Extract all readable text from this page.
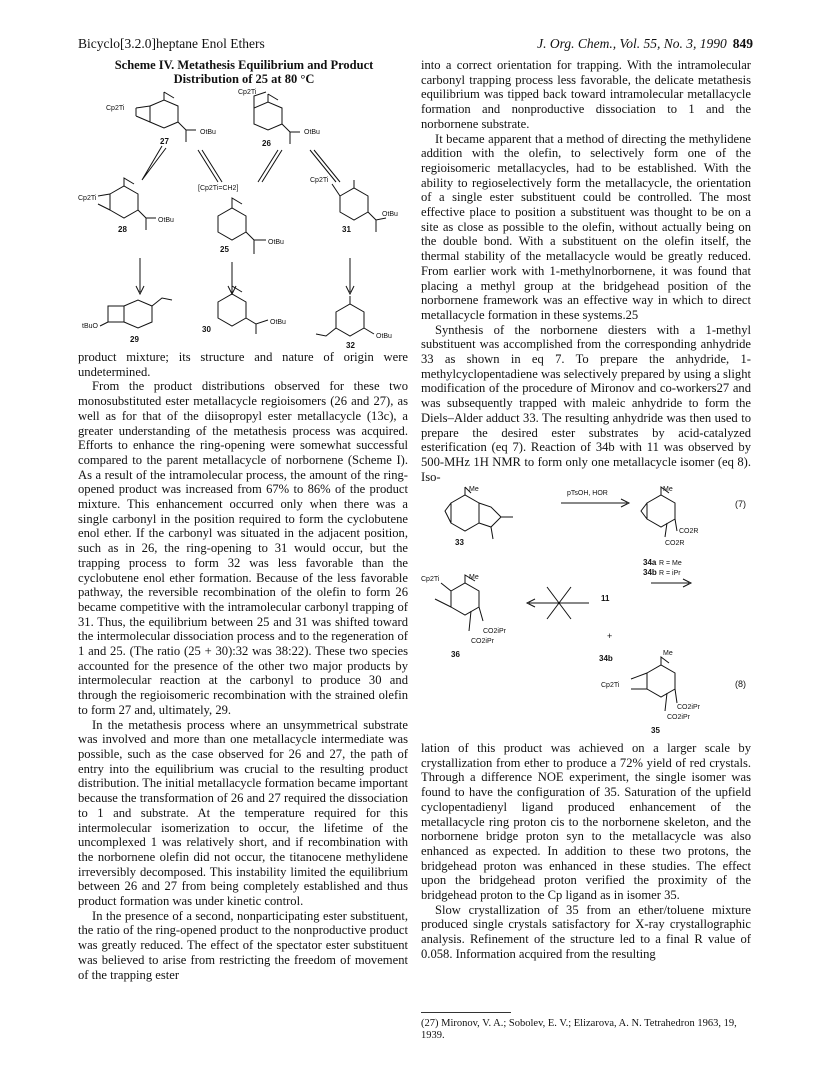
Bicyclo[3.2.0]heptane Enol Ethers	J. Org. Chem., Vol. 55, No. 3, 1990 849
Scheme IV. Metathesis Equilibrium and Product
Distribution of 25 at 80 °C
Cp2Ti
OtBu
Cp2Ti
OtBu
[Cp2Ti=CH2]
Cp2Ti
OtBu
OtBu
Cp2Ti
OtBu
tBuO
OtBu
OtBu
27	26
28
25
31
29
30
32

product mixture; its structure and nature of origin were undetermined.

From the product distributions observed for these two monosubstituted ester metallacycle regioisomers (26 and 27), as well as for that of the diisopropyl ester metallacycle (13c), a greater understanding of the metathesis process was acquired. Efforts to enhance the ring-opening were somewhat successful compared to the parent metallacycle of norbornene (Scheme I). As a result of the intramolecular process, the amount of the ring-opened product was increased from 67% to 86% of the product mixture. This enhancement occurred only when there was a single carbonyl in the position required to form the cyclobutene enol ether. If the carbonyl was situated in the adjacent position, such as in 26, the ring-opening to 31 would occur, but the trapping process to form 32 was less favorable than the cyclobutene enol ether formation. Because of the less favorable pathway, the reversible recombination of the olefin to form 26 became competitive with the intramolecular carbonyl trapping of 31. Thus, the equilibrium between 25 and 31 was shifted toward the intermolecular dissociation process and to the regeneration of 1 and 25. (The ratio (25 + 30):32 was 38:22). These two species accounted for the presence of the other two major products by intermolecular reaction at the carbonyl to produce 30 and through the regioisomeric recombination with the strained olefin to form 27 and, ultimately, 29.

In the metathesis process where an unsymmetrical substrate was involved and more than one metallacycle intermediate was possible, such as the case observed for 26 and 27, the path of entry into the equilibrium was crucial to the resulting product distribution. The initial metallacycle formation became important because the transformation of 26 and 27 required the dissociation to 1 and substrate. At the temperature required for this intermolecular isomerization to occur, the lifetime of the uncomplexed 1 was relatively short, and if recombination with the norbornene olefin did not occur, the titanocene methylidene irreversibly decomposed. This instability limited the equilibrium between 26 and 27 from being completely established and thus product formation was under kinetic control.

In the presence of a second, nonparticipating ester substituent, the ratio of the ring-opened product to the nonproductive product was greatly reduced. The effect of the spectator ester substituent was believed to arise from restricting the freedom of movement of the trapping ester

into a correct orientation for trapping. With the intramolecular carbonyl trapping process less favorable, the delicate metathesis equilibrium was tipped back toward intramolecular metallacycle formation and nonproductive dissociation to 1 and the norbornene substrate.

It became apparent that a method of directing the methylidene addition with the olefin, to selectively form one of the regioisomeric metallacycles, had to be established. With the ability to regioselectively form the metallacycle, the orientation of a single ester substituent could be controlled. The most effective place to position a substituent was thought to be on a site as close as possible to the olefin, without actually being on the double bond. With a substituent on the olefin itself, the thermal stability of the metallacycle would be greatly reduced. From earlier work with 1-methylnorbornene, it was found that placing a methyl group at the bridgehead position of the norbornene framework was an effective way in which to direct metallacycle formation in these systems.25

Synthesis of the norbornene diesters with a 1-methyl substituent was accomplished from the corresponding anhydride 33 as shown in eq 7. To prepare the anhydride, 1-methylcyclopentadiene was selectively prepared by using a slight modification of the procedure of Mironov and co-workers27 and was subsequently trapped with maleic anhydride to form the Diels–Alder adduct 33. The resulting anhydride was then used to prepare the desired ester substrates by acid-catalyzed esterification (eq 7). Reaction of 34b with 11 was observed by 500-MHz 1H NMR to form only one metallacycle isomer (eq 8). Iso-

Me
pTsOH, HOR
Me
CO2R
CO2R
R = Me
R = iPr
Cp2Ti	Me
CO2iPr
CO2iPr
Cp2Ti
Me
CO2iPr
CO2iPr
(7)
(8)
+
33
34a
34b
11
34b
36
35

lation of this product was achieved on a larger scale by crystallization from ether to produce a 72% yield of red crystals. Through a difference NOE experiment, the single isomer was found to have the configuration of 35. Saturation of the upfield cyclopentadienyl ligand produced enhancement of the metallacycle ring proton cis to the norbornene skeleton, and the norbornene bridge proton syn to the metallacycle was also enhanced as expected. In addition to these two protons, the bridgehead proton was enhanced in these studies. The effect upon the bridgehead proton verified the proximity of the bridgehead proton to the Cp ligand as in isomer 35.

Slow crystallization of 35 from an ether/toluene mixture produced single crystals satisfactory for X-ray crystallographic analysis. Refinement of the structure led to a final R value of 0.058. Information acquired from the resulting

(27) Mironov, V. A.; Sobolev, E. V.; Elizarova, A. N. Tetrahedron 1963, 19, 1939.
